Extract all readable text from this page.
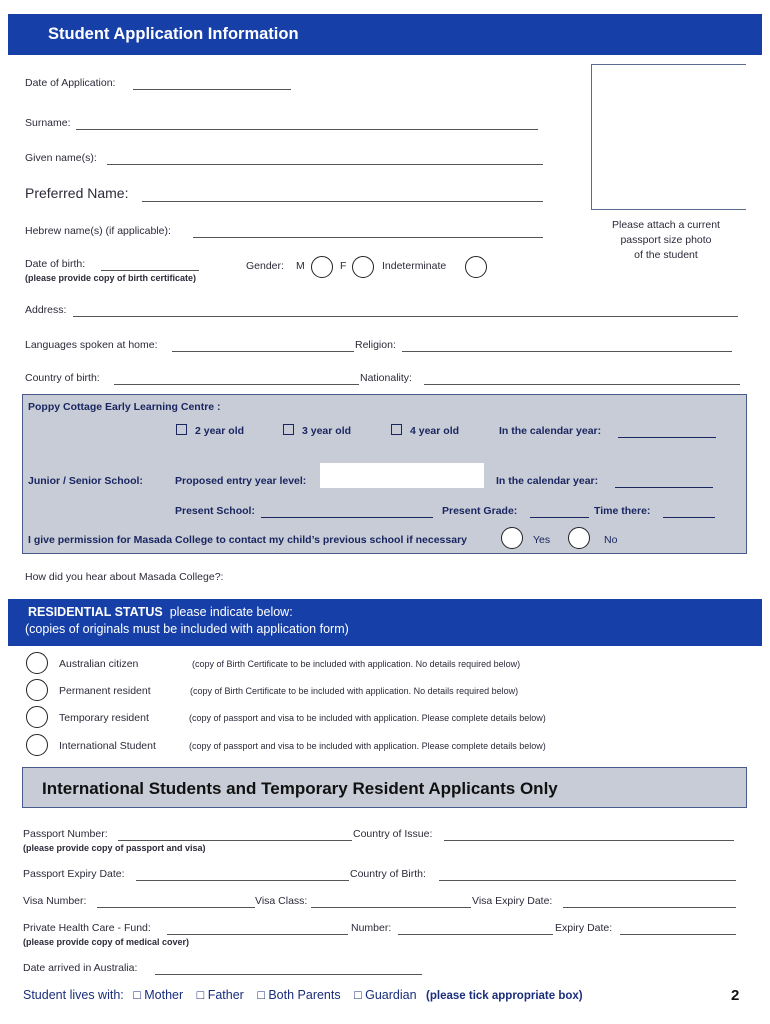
Student Application Information
Please attach a current
passport size photo
of the student
Date of Application:
Surname:
Given name(s):
Preferred Name:
Hebrew name(s) (if applicable):
Date of birth:
(please provide copy of birth certificate)
Gender: M	F	Indeterminate
Address:
Languages spoken at home:	Religion:
Country of birth:	Nationality:
Poppy Cottage Early Learning Centre :
2 year old	3 year old	4 year old	In the calendar year:
Junior / Senior School:	Proposed entry year level:	In the calendar year:
Present School:	Present Grade:	Time there:
I give permission for Masada College to contact my child’s previous school if necessary	Yes	No
How did you hear about Masada College?:
RESIDENTIAL STATUS please indicate below:
(copies of originals must be included with application form)
Australian citizen	(copy of Birth Certificate to be included with application. No details required below)
Permanent resident	(copy of Birth Certificate to be included with application. No details required below)
Temporary resident	(copy of passport and visa to be included with application. Please complete details below)
International Student	(copy of passport and visa to be included with application. Please complete details below)
International Students and Temporary Resident Applicants Only
Passport Number:	Country of Issue:
(please provide copy of passport and visa)
Passport Expiry Date:	Country of Birth:
Visa Number:	Visa Class:	Visa Expiry Date:
Private Health Care - Fund:	Number:	Expiry Date:
(please provide copy of medical cover)
Date arrived in Australia:
Student lives with: □ Mother □ Father □ Both Parents □ Guardian (please tick appropriate box)	2
